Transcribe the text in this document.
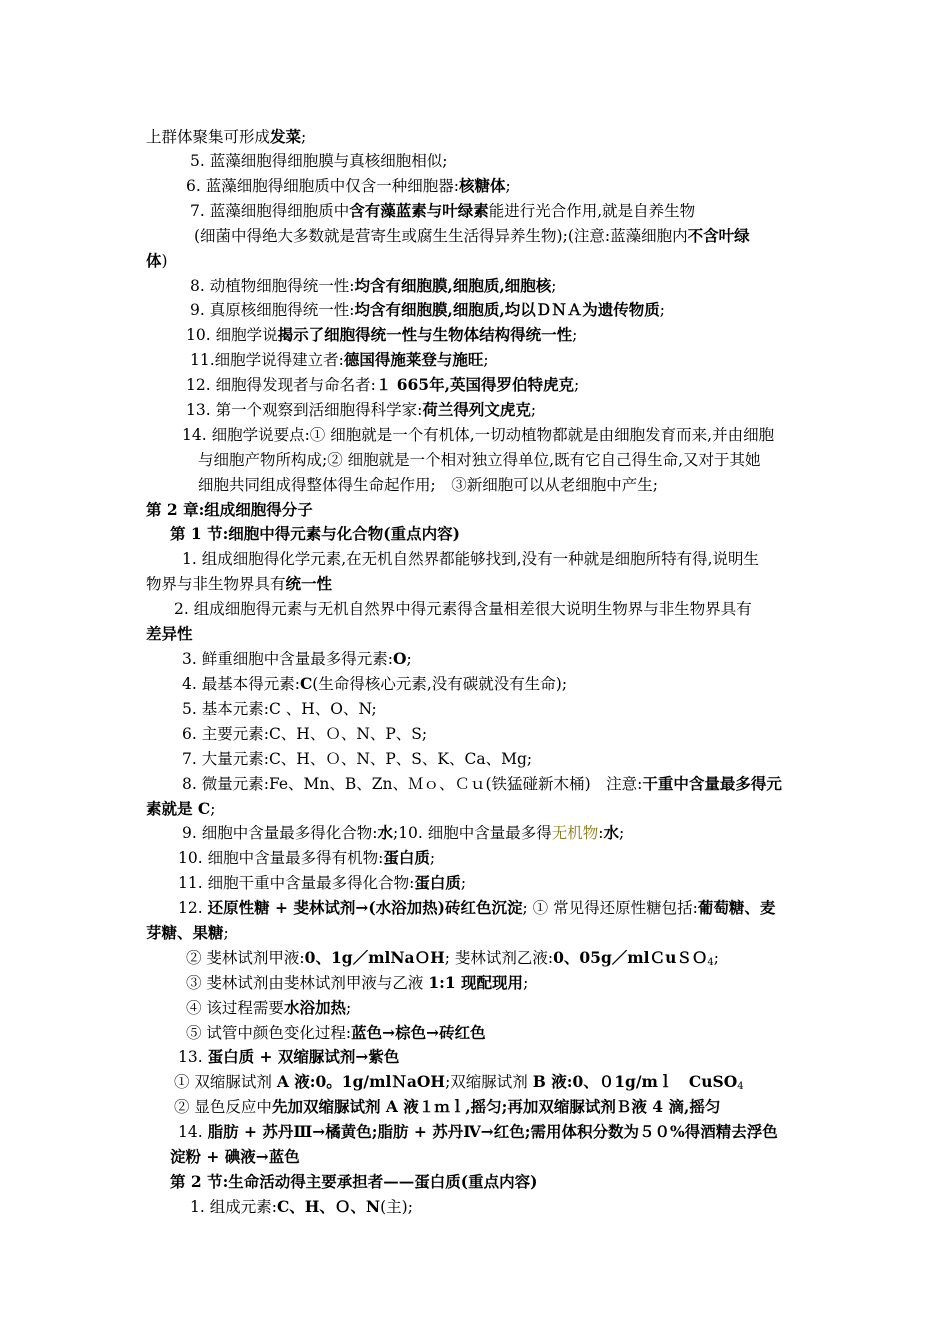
上群体聚集可形成发菜;
5. 蓝藻细胞得细胞膜与真核细胞相似;
6. 蓝藻细胞得细胞质中仅含一种细胞器:核糖体;
7. 蓝藻细胞得细胞质中含有藻蓝素与叶绿素能进行光合作用,就是自养生物
(细菌中得绝大多数就是营寄生或腐生生活得异养生物);(注意:蓝藻细胞内不含叶绿
体)
8. 动植物细胞得统一性:均含有细胞膜,细胞质,细胞核;
9. 真原核细胞得统一性:均含有细胞膜,细胞质,均以ＤＮＡ为遗传物质;
10. 细胞学说揭示了细胞得统一性与生物体结构得统一性;
11.细胞学说得建立者:德国得施莱登与施旺;
12. 细胞得发现者与命名者:１ 665年,英国得罗伯特虎克;
13. 第一个观察到活细胞得科学家:荷兰得列文虎克;
14. 细胞学说要点:① 细胞就是一个有机体,一切动植物都就是由细胞发育而来,并由细胞
与细胞产物所构成;② 细胞就是一个相对独立得单位,既有它自己得生命,又对于其她
细胞共同组成得整体得生命起作用;　③新细胞可以从老细胞中产生;
第 2 章:组成细胞得分子
第 1 节:细胞中得元素与化合物(重点内容)
1. 组成细胞得化学元素,在无机自然界都能够找到,没有一种就是细胞所特有得,说明生
物界与非生物界具有统一性
2. 组成细胞得元素与无机自然界中得元素得含量相差很大说明生物界与非生物界具有
差异性
3. 鲜重细胞中含量最多得元素:O;
4. 最基本得元素:C(生命得核心元素,没有碳就没有生命);
5. 基本元素:C 、H、O、N;
6. 主要元素:C、H、Ｏ、N、P、S;
7. 大量元素:C、H、Ｏ、N、P、S、K、Ca、Mg;
8. 微量元素:Fe、Mn、B、Zn、Ｍｏ、Ｃｕ(铁猛碰新木桶)　注意:干重中含量最多得元
素就是 C;
9. 细胞中含量最多得化合物:水;10. 细胞中含量最多得无机物:水;
10. 细胞中含量最多得有机物:蛋白质;
11. 细胞干重中含量最多得化合物:蛋白质;
12. 还原性糖 + 斐林试剂→(水浴加热)砖红色沉淀; ① 常见得还原性糖包括:葡萄糖、麦
芽糖、果糖;
② 斐林试剂甲液:0、1g／mlNaＯH; 斐林试剂乙液:0、05g／mlＣuＳＯ$_4$;
③ 斐林试剂由斐林试剂甲液与乙液 1:1 现配现用;
④ 该过程需要水浴加热;
⑤ 试管中颜色变化过程:蓝色→棕色→砖红色
13. 蛋白质 + 双缩脲试剂→紫色
① 双缩脲试剂 A 液:0。1g/mlＮaOH;双缩脲试剂 B 液:0、０1g/mｌ　CuSO$_4$
② 显色反应中先加双缩脲试剂 A 液１ｍｌ,摇匀;再加双缩脲试剂Ｂ液 4 滴,摇匀
14. 脂肪 + 苏丹Ⅲ→橘黄色;脂肪 + 苏丹Ⅳ→红色;需用体积分数为５０%得酒精去浮色
淀粉 + 碘液→蓝色
第 2 节:生命活动得主要承担者——蛋白质(重点内容)
1. 组成元素:C、H、Ｏ、N(主);
